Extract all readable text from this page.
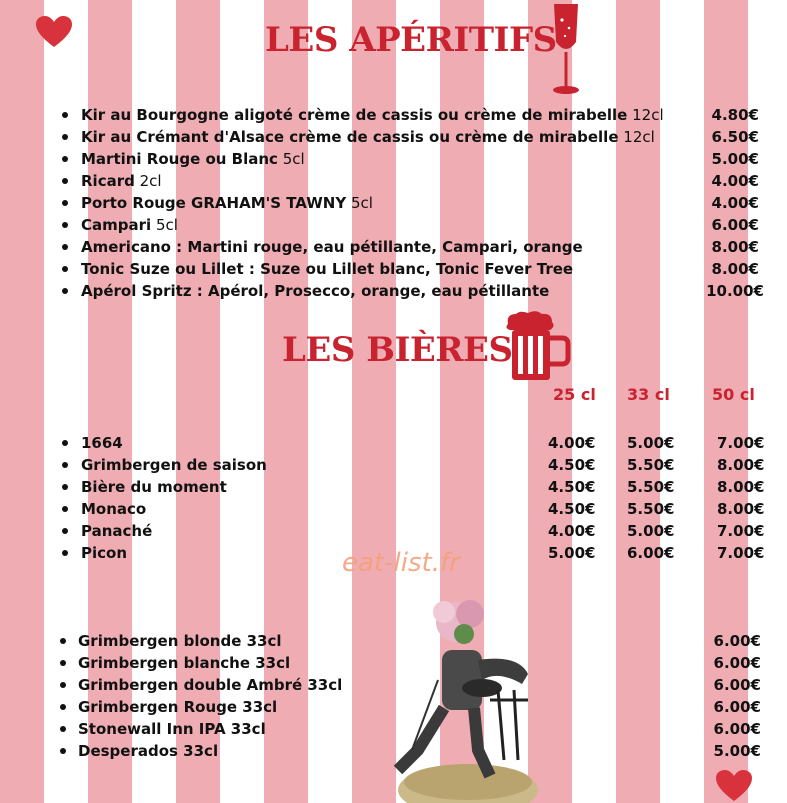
LES APÉRITIFS
LES BIÈRES
25 cl 33 cl	50 cl
Kir au Bourgogne aligoté crème de cassis ou crème de mirabelle 12cl	4.80€
Kir au Crémant d'Alsace crème de cassis ou crème de mirabelle 12cl	6.50€
Martini Rouge ou Blanc 5cl	5.00€
Ricard 2cl	4.00€
Porto Rouge GRAHAM'S TAWNY 5cl	4.00€
Campari 5cl	6.00€
Americano : Martini rouge, eau pétillante, Campari, orange	8.00€
Tonic Suze ou Lillet : Suze ou Lillet blanc, Tonic Fever Tree	8.00€
Apérol Spritz : Apérol, Prosecco, orange, eau pétillante	10.00€
1664	4.00€ 5.00€	7.00€
Grimbergen de saison	4.50€ 5.50€	8.00€
Bière du moment	4.50€ 5.50€	8.00€
Monaco	4.50€ 5.50€	8.00€
Panaché	4.00€ 5.00€	7.00€
Picon	5.00€ 6.00€	7.00€
eat-list.fr
Grimbergen blonde 33cl	6.00€
Grimbergen blanche 33cl	6.00€
Grimbergen double Ambré 33cl	6.00€
Grimbergen Rouge 33cl	6.00€
Stonewall Inn IPA 33cl	6.00€
Desperados 33cl	5.00€
